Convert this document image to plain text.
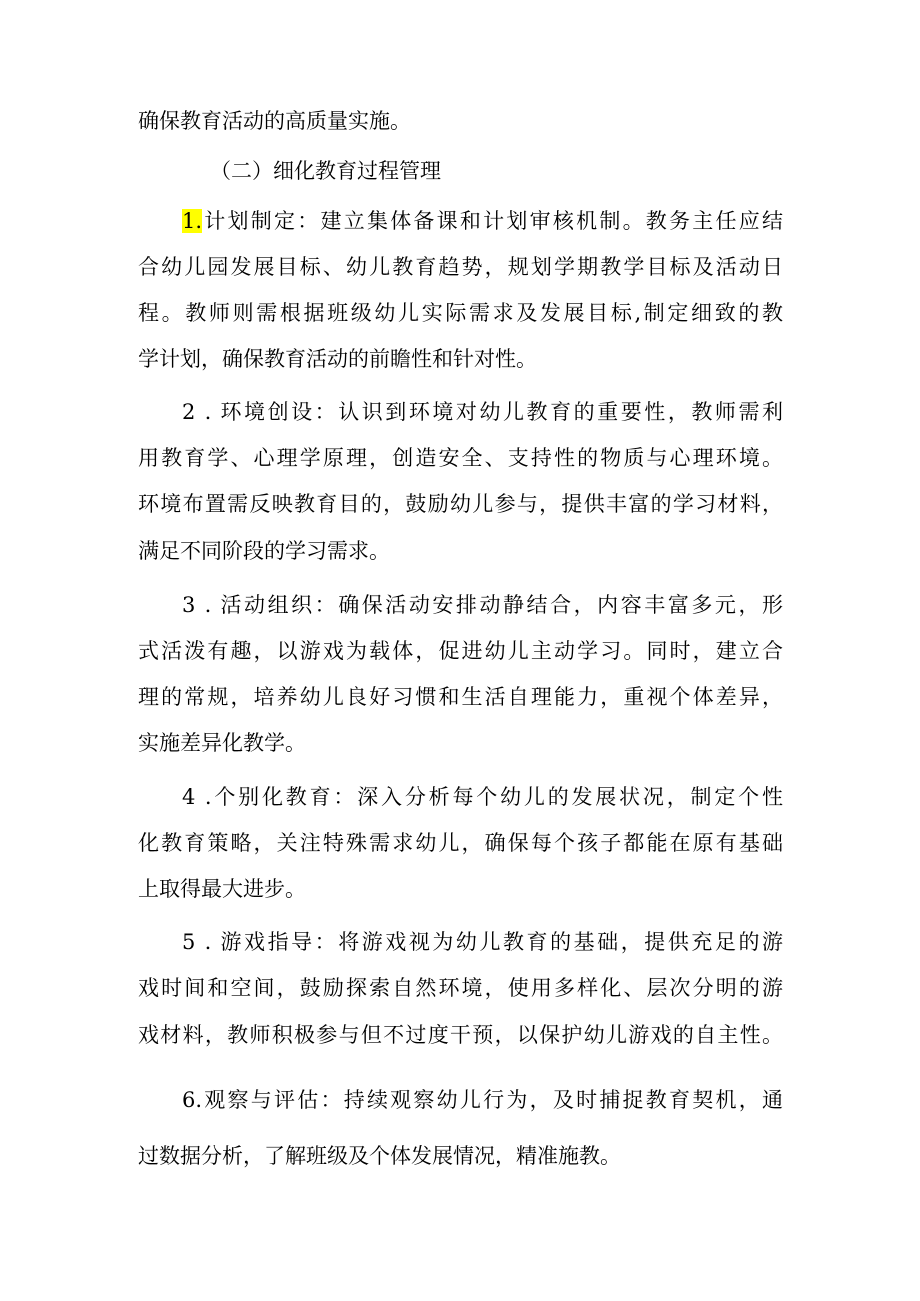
确保教育活动的高质量实施。

（二）细化教育过程管理

1.计划制定：建立集体备课和计划审核机制。教务主任应结

合幼儿园发展目标、幼儿教育趋势，规划学期教学目标及活动日

程。教师则需根据班级幼儿实际需求及发展目标,制定细致的教

学计划，确保教育活动的前瞻性和针对性。

2 . 环境创设：认识到环境对幼儿教育的重要性，教师需利

用教育学、心理学原理，创造安全、支持性的物质与心理环境。

环境布置需反映教育目的，鼓励幼儿参与，提供丰富的学习材料，

满足不同阶段的学习需求。

3 . 活动组织：确保活动安排动静结合，内容丰富多元，形

式活泼有趣，以游戏为载体，促进幼儿主动学习。同时，建立合

理的常规，培养幼儿良好习惯和生活自理能力，重视个体差异，

实施差异化教学。

4 .个别化教育：深入分析每个幼儿的发展状况，制定个性

化教育策略，关注特殊需求幼儿，确保每个孩子都能在原有基础

上取得最大进步。

5 . 游戏指导：将游戏视为幼儿教育的基础，提供充足的游

戏时间和空间，鼓励探索自然环境，使用多样化、层次分明的游

戏材料，教师积极参与但不过度干预，以保护幼儿游戏的自主性。

6.观察与评估：持续观察幼儿行为，及时捕捉教育契机，通

过数据分析，了解班级及个体发展情况，精准施教。
